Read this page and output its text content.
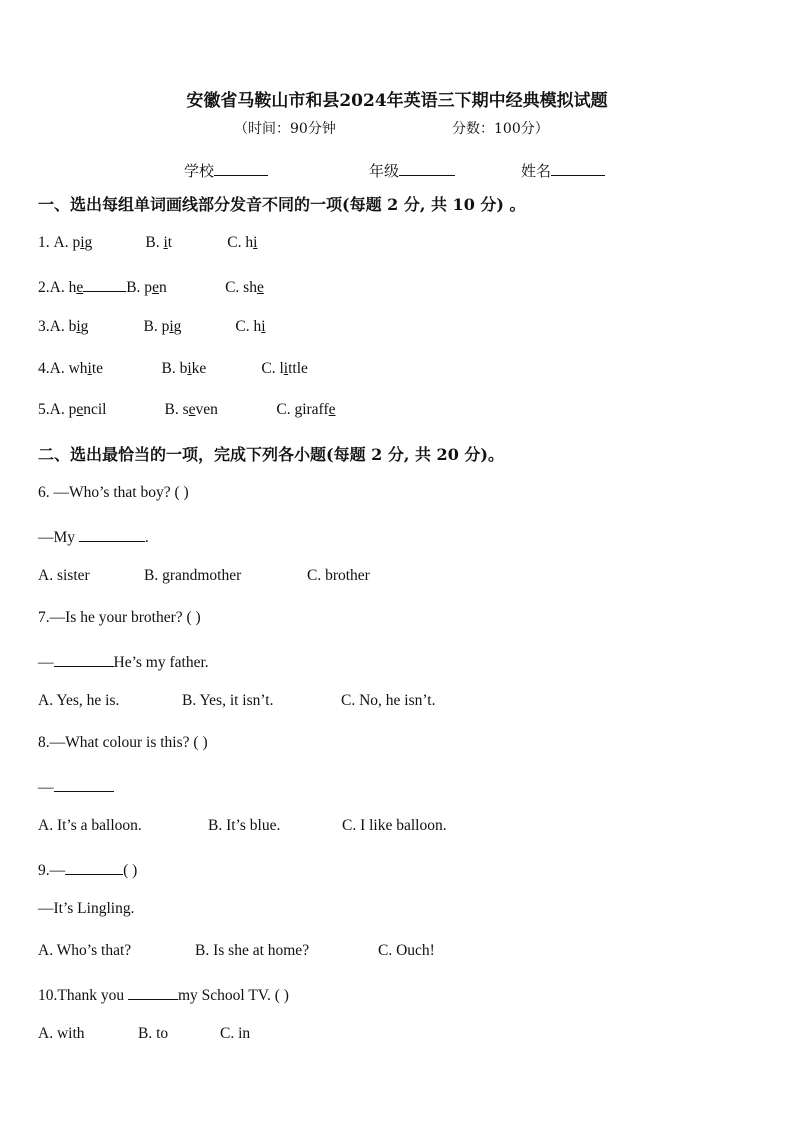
安徽省马鞍山市和县2024年英语三下期中经典模拟试题
（时间：90分钟	分数：100分）
学校	年级	姓名
一、选出每组单词画线部分发音不同的一项(每题 2 分, 共 10 分) 。
1. A. pig	B. it	C. hi
2.A. he	B. pen	C. she
3.A. big	B. pig	C. hi
4.A. white	B. bike	C. little
5.A. pencil	B. seven	C. giraffe
二、选出最恰当的一项，完成下列各小题(每题 2 分, 共 20 分)。
6. —Who’s that boy? ( )
—My	.
A. sister	B. grandmother	C. brother
7.—Is he your brother? ( )
—	He’s my father.
A. Yes, he is.	B. Yes, it isn’t.	C. No, he isn’t.
8.—What colour is this? ( )
—
A. It’s a balloon.	B. It’s blue.	C. I like balloon.
9.—	( )
—It’s Lingling.
A. Who’s that?	B. Is she at home?	C. Ouch!
10.Thank you	my School TV. ( )
A. with	B. to	C. in
